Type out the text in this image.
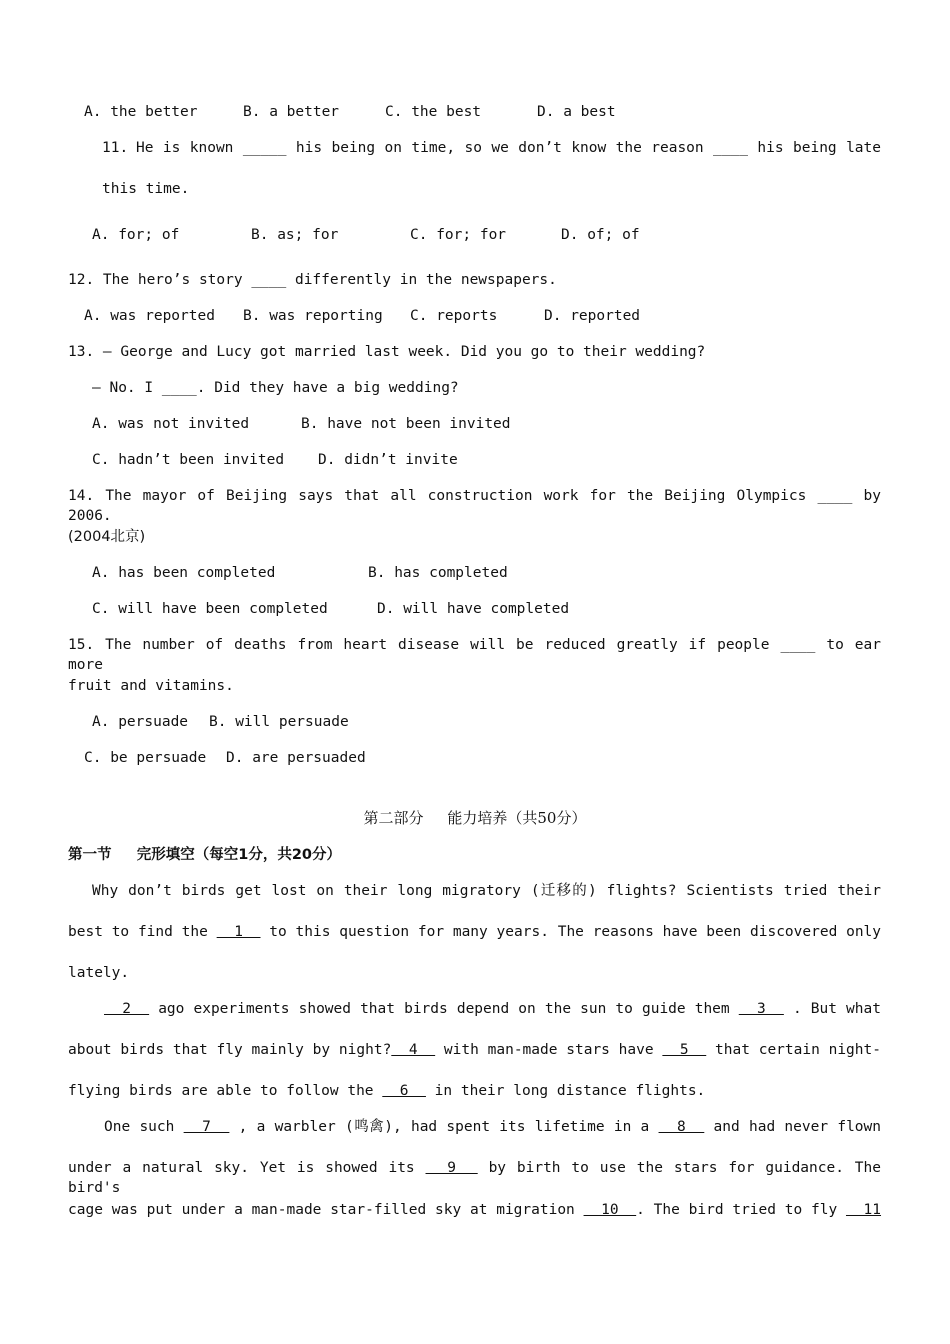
A. the better	B. a better	C. the best	D. a best
11. He is known _____ his being on time, so we don’t know the reason ____ his being late
this time.
A. for; of	B. as; for	C. for; for	D. of; of
12. The hero’s story ____ differently in the newspapers.
A. was reported B. was reporting C. reports	D. reported
13. — George and Lucy got married last week. Did you go to their wedding?
— No. I ____. Did they have a big wedding?
A. was not invited	B. have not been invited
C. hadn’t been invited D. didn’t invite
14. The mayor of Beijing says that all construction work for the Beijing Olympics ____ by 2006.
(2004北京)
A. has been completed	B. has completed
C. will have been completed	D. will have completed
15. The number of deaths from heart disease will be reduced greatly if people ____ to ear more
fruit and vitamins.
A. persuade B. will persuade
C. be persuade D. are persuaded
第二部分     能力培养（共50分）
第一节     完形填空（每空1分，共20分）
Why don’t birds get lost on their long migratory (迁移的) flights? Scientists tried their
best to find the   1   to this question for many years. The reasons have been discovered only
lately.
2   ago experiments showed that birds depend on the sun to guide them   3   . But what
about birds that fly mainly by night?  4   with man-made stars have   5   that certain night-
flying birds are able to follow the   6   in their long distance flights.
One such   7   , a warbler (鸣禽), had spent its lifetime in a   8   and had never flown
under a natural sky. Yet is showed its   9   by birth to use the stars for guidance. The bird's
cage was put under a man-made star-filled sky at migration   10  . The bird tried to fly   11
